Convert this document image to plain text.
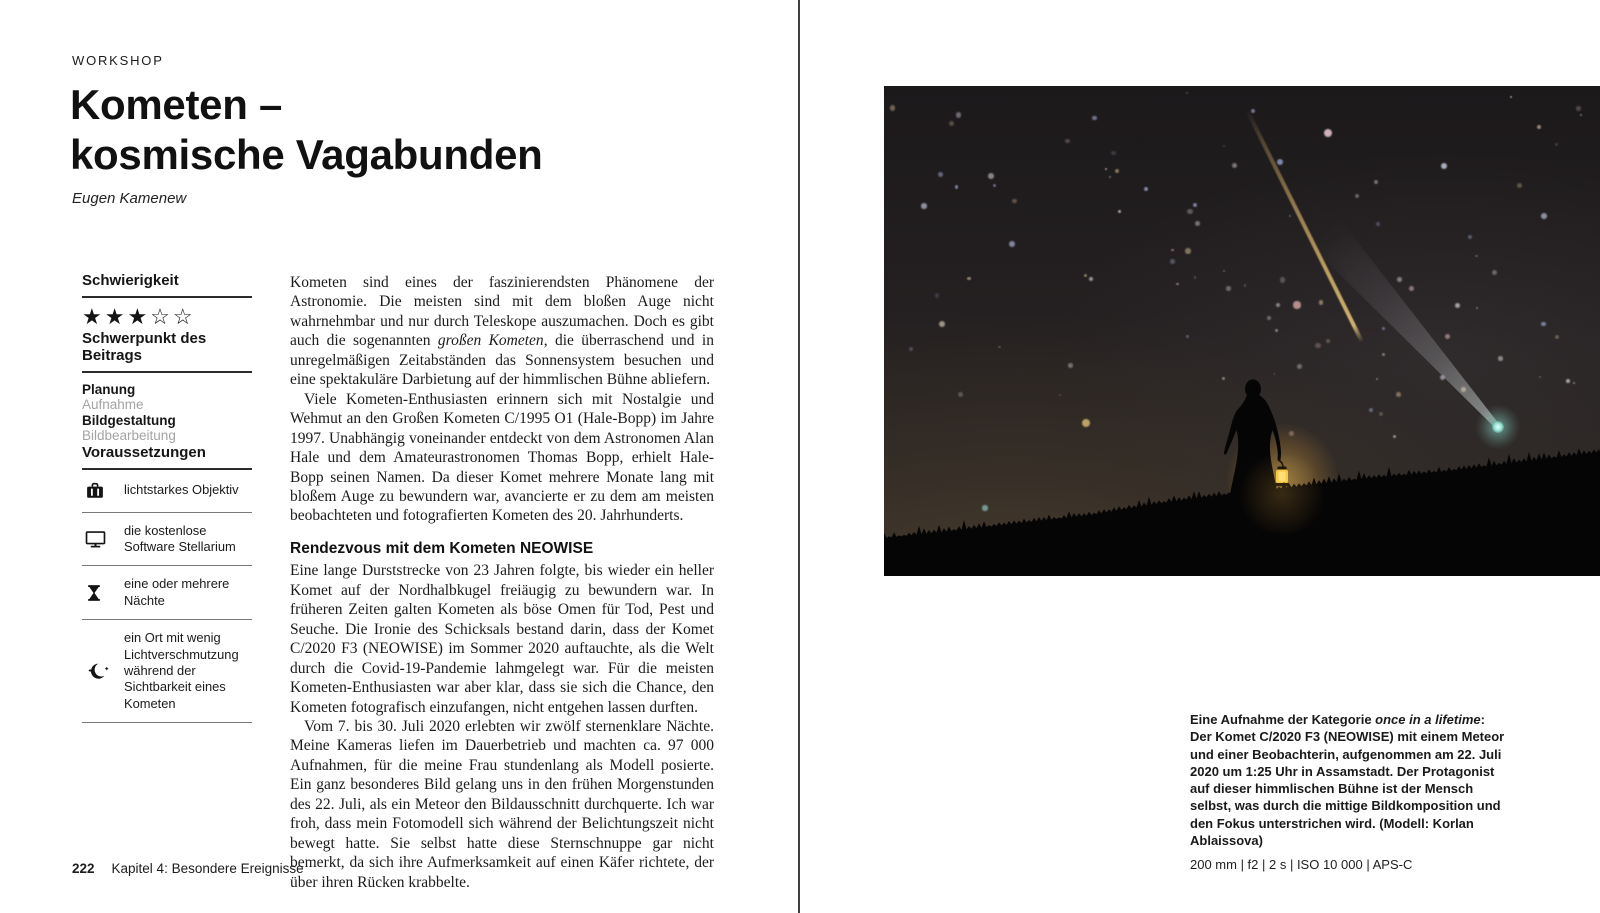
WORKSHOP
Kometen –
kosmische Vagabunden
Eugen Kamenew
Schwierigkeit
★★★☆☆
Schwerpunkt des Beitrags
Planung
Aufnahme
Bildgestaltung
Bildbearbeitung
Voraussetzungen
lichtstarkes Objektiv
die kostenlose Software Stellarium
eine oder mehrere Nächte
ein Ort mit wenig Lichtverschmutzung während der Sichtbarkeit eines Kometen

Kometen sind eines der faszinierendsten Phänomene der Astronomie. Die meisten sind mit dem bloßen Auge nicht wahrnehmbar und nur durch Teleskope auszumachen. Doch es gibt auch die sogenannten großen Kometen, die überraschend und in unregelmäßigen Zeitabständen das Sonnensystem besuchen und eine spektakuläre Darbietung auf der himmlischen Bühne abliefern.

Viele Kometen-Enthusiasten erinnern sich mit Nostalgie und Wehmut an den Großen Kometen C/1995 O1 (Hale-Bopp) im Jahre 1997. Unabhängig voneinander entdeckt von dem Astronomen Alan Hale und dem Amateurastronomen Thomas Bopp, erhielt Hale-Bopp seinen Namen. Da dieser Komet mehrere Monate lang mit bloßem Auge zu bewundern war, avancierte er zu dem am meisten beobachteten und fotografierten Kometen des 20. Jahrhunderts.

Rendezvous mit dem Kometen NEOWISE

Eine lange Durststrecke von 23 Jahren folgte, bis wieder ein heller Komet auf der Nordhalbkugel freiäugig zu bewundern war. In früheren Zeiten galten Kometen als böse Omen für Tod, Pest und Seuche. Die Ironie des Schicksals bestand darin, dass der Komet C/2020 F3 (NEOWISE) im Sommer 2020 auftauchte, als die Welt durch die Covid-19-Pandemie lahmgelegt war. Für die meisten Kometen-Enthusiasten war aber klar, dass sie sich die Chance, den Kometen fotografisch einzufangen, nicht entgehen lassen durften.

Vom 7. bis 30. Juli 2020 erlebten wir zwölf sternenklare Nächte. Meine Kameras liefen im Dauerbetrieb und machten ca. 97 000 Aufnahmen, für die meine Frau stundenlang als Modell posierte. Ein ganz besonderes Bild gelang uns in den frühen Morgenstunden des 22. Juli, als ein Meteor den Bildausschnitt durchquerte. Ich war froh, dass mein Fotomodell sich während der Belichtungszeit nicht bewegt hatte. Sie selbst hatte diese Sternschnuppe gar nicht bemerkt, da sich ihre Aufmerksamkeit auf einen Käfer richtete, der über ihren Rücken krabbelte.

222 Kapitel 4: Besondere Ereignisse
Eine Aufnahme der Kategorie once in a lifetime: Der Komet C/2020 F3 (NEOWISE) mit einem Meteor und einer Beobachterin, aufgenommen am 22. Juli 2020 um 1:25 Uhr in Assamstadt. Der Protagonist auf dieser himmlischen Bühne ist der Mensch selbst, was durch die mittige Bildkomposition und den Fokus unterstrichen wird. (Modell: Korlan Ablaissova)
200 mm | f2 | 2 s | ISO 10 000 | APS-C
